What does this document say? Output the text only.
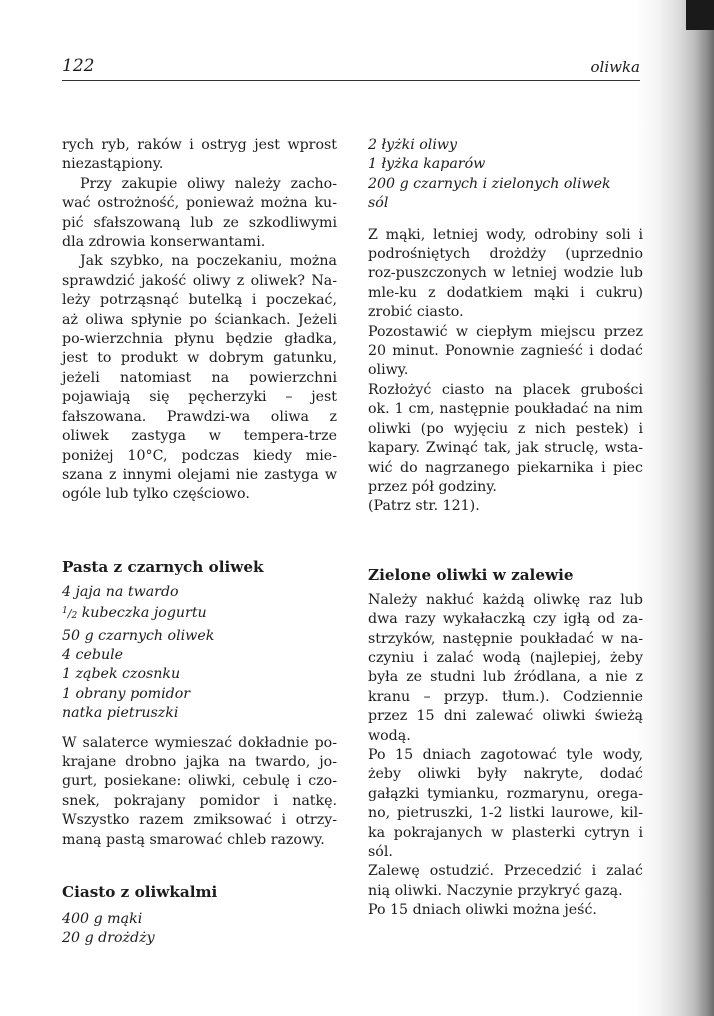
122	oliwka

rych ryb, raków i ostryg jest wprost niezastąpiony.

Przy zakupie oliwy należy zacho-wać ostrożność, ponieważ można ku-pić sfałszowaną lub ze szkodliwymi dla zdrowia konserwantami.

Jak szybko, na poczekaniu, można sprawdzić jakość oliwy z oliwek? Na-leży potrząsnąć butelką i poczekać, aż oliwa spłynie po ściankach. Jeżeli po-wierzchnia płynu będzie gładka, jest to produkt w dobrym gatunku, jeżeli natomiast na powierzchni pojawiają się pęcherzyki – jest fałszowana. Prawdzi-wa oliwa z oliwek zastyga w tempera-trze poniżej 10°C, podczas kiedy mie-szana z innymi olejami nie zastyga w ogóle lub tylko częściowo.

Pasta z czarnych oliwek
4 jaja na twardo
$^1/_2$ kubeczka jogurtu
50 g czarnych oliwek
4 cebule
1 ząbek czosnku
1 obrany pomidor
natka pietruszki

W salaterce wymieszać dokładnie po-krajane drobno jajka na twardo, jo-gurt, posiekane: oliwki, cebulę i czo-snek, pokrajany pomidor i natkę. Wszystko razem zmiksować i otrzy-maną pastą smarować chleb razowy.

Ciasto z oliwkalmi
400 g mąki
20 g drożdży
2 łyżki oliwy
1 łyżka kaparów
200 g czarnych i zielonych oliwek
sól

Z mąki, letniej wody, odrobiny soli i podrośniętych drożdży (uprzednio roz-puszczonych w letniej wodzie lub mle-ku z dodatkiem mąki i cukru) zrobić ciasto.

Pozostawić w ciepłym miejscu przez 20 minut. Ponownie zagnieść i dodać oliwy.

Rozłożyć ciasto na placek grubości ok. 1 cm, następnie poukładać na nim oliwki (po wyjęciu z nich pestek) i kapary. Zwinąć tak, jak struclę, wsta-wić do nagrzanego piekarnika i piec przez pół godziny.

(Patrz str. 121).

Zielone oliwki w zalewie

Należy nakłuć każdą oliwkę raz lub dwa razy wykałaczką czy igłą od za-strzyków, następnie poukładać w na-czyniu i zalać wodą (najlepiej, żeby była ze studni lub źródlana, a nie z kranu – przyp. tłum.). Codziennie przez 15 dni zalewać oliwki świeżą wodą.

Po 15 dniach zagotować tyle wody, żeby oliwki były nakryte, dodać gałązki tymianku, rozmarynu, orega-no, pietruszki, 1-2 listki laurowe, kil-ka pokrajanych w plasterki cytryn i sól.

Zalewę ostudzić. Przecedzić i zalać nią oliwki. Naczynie przykryć gazą.

Po 15 dniach oliwki można jeść.
